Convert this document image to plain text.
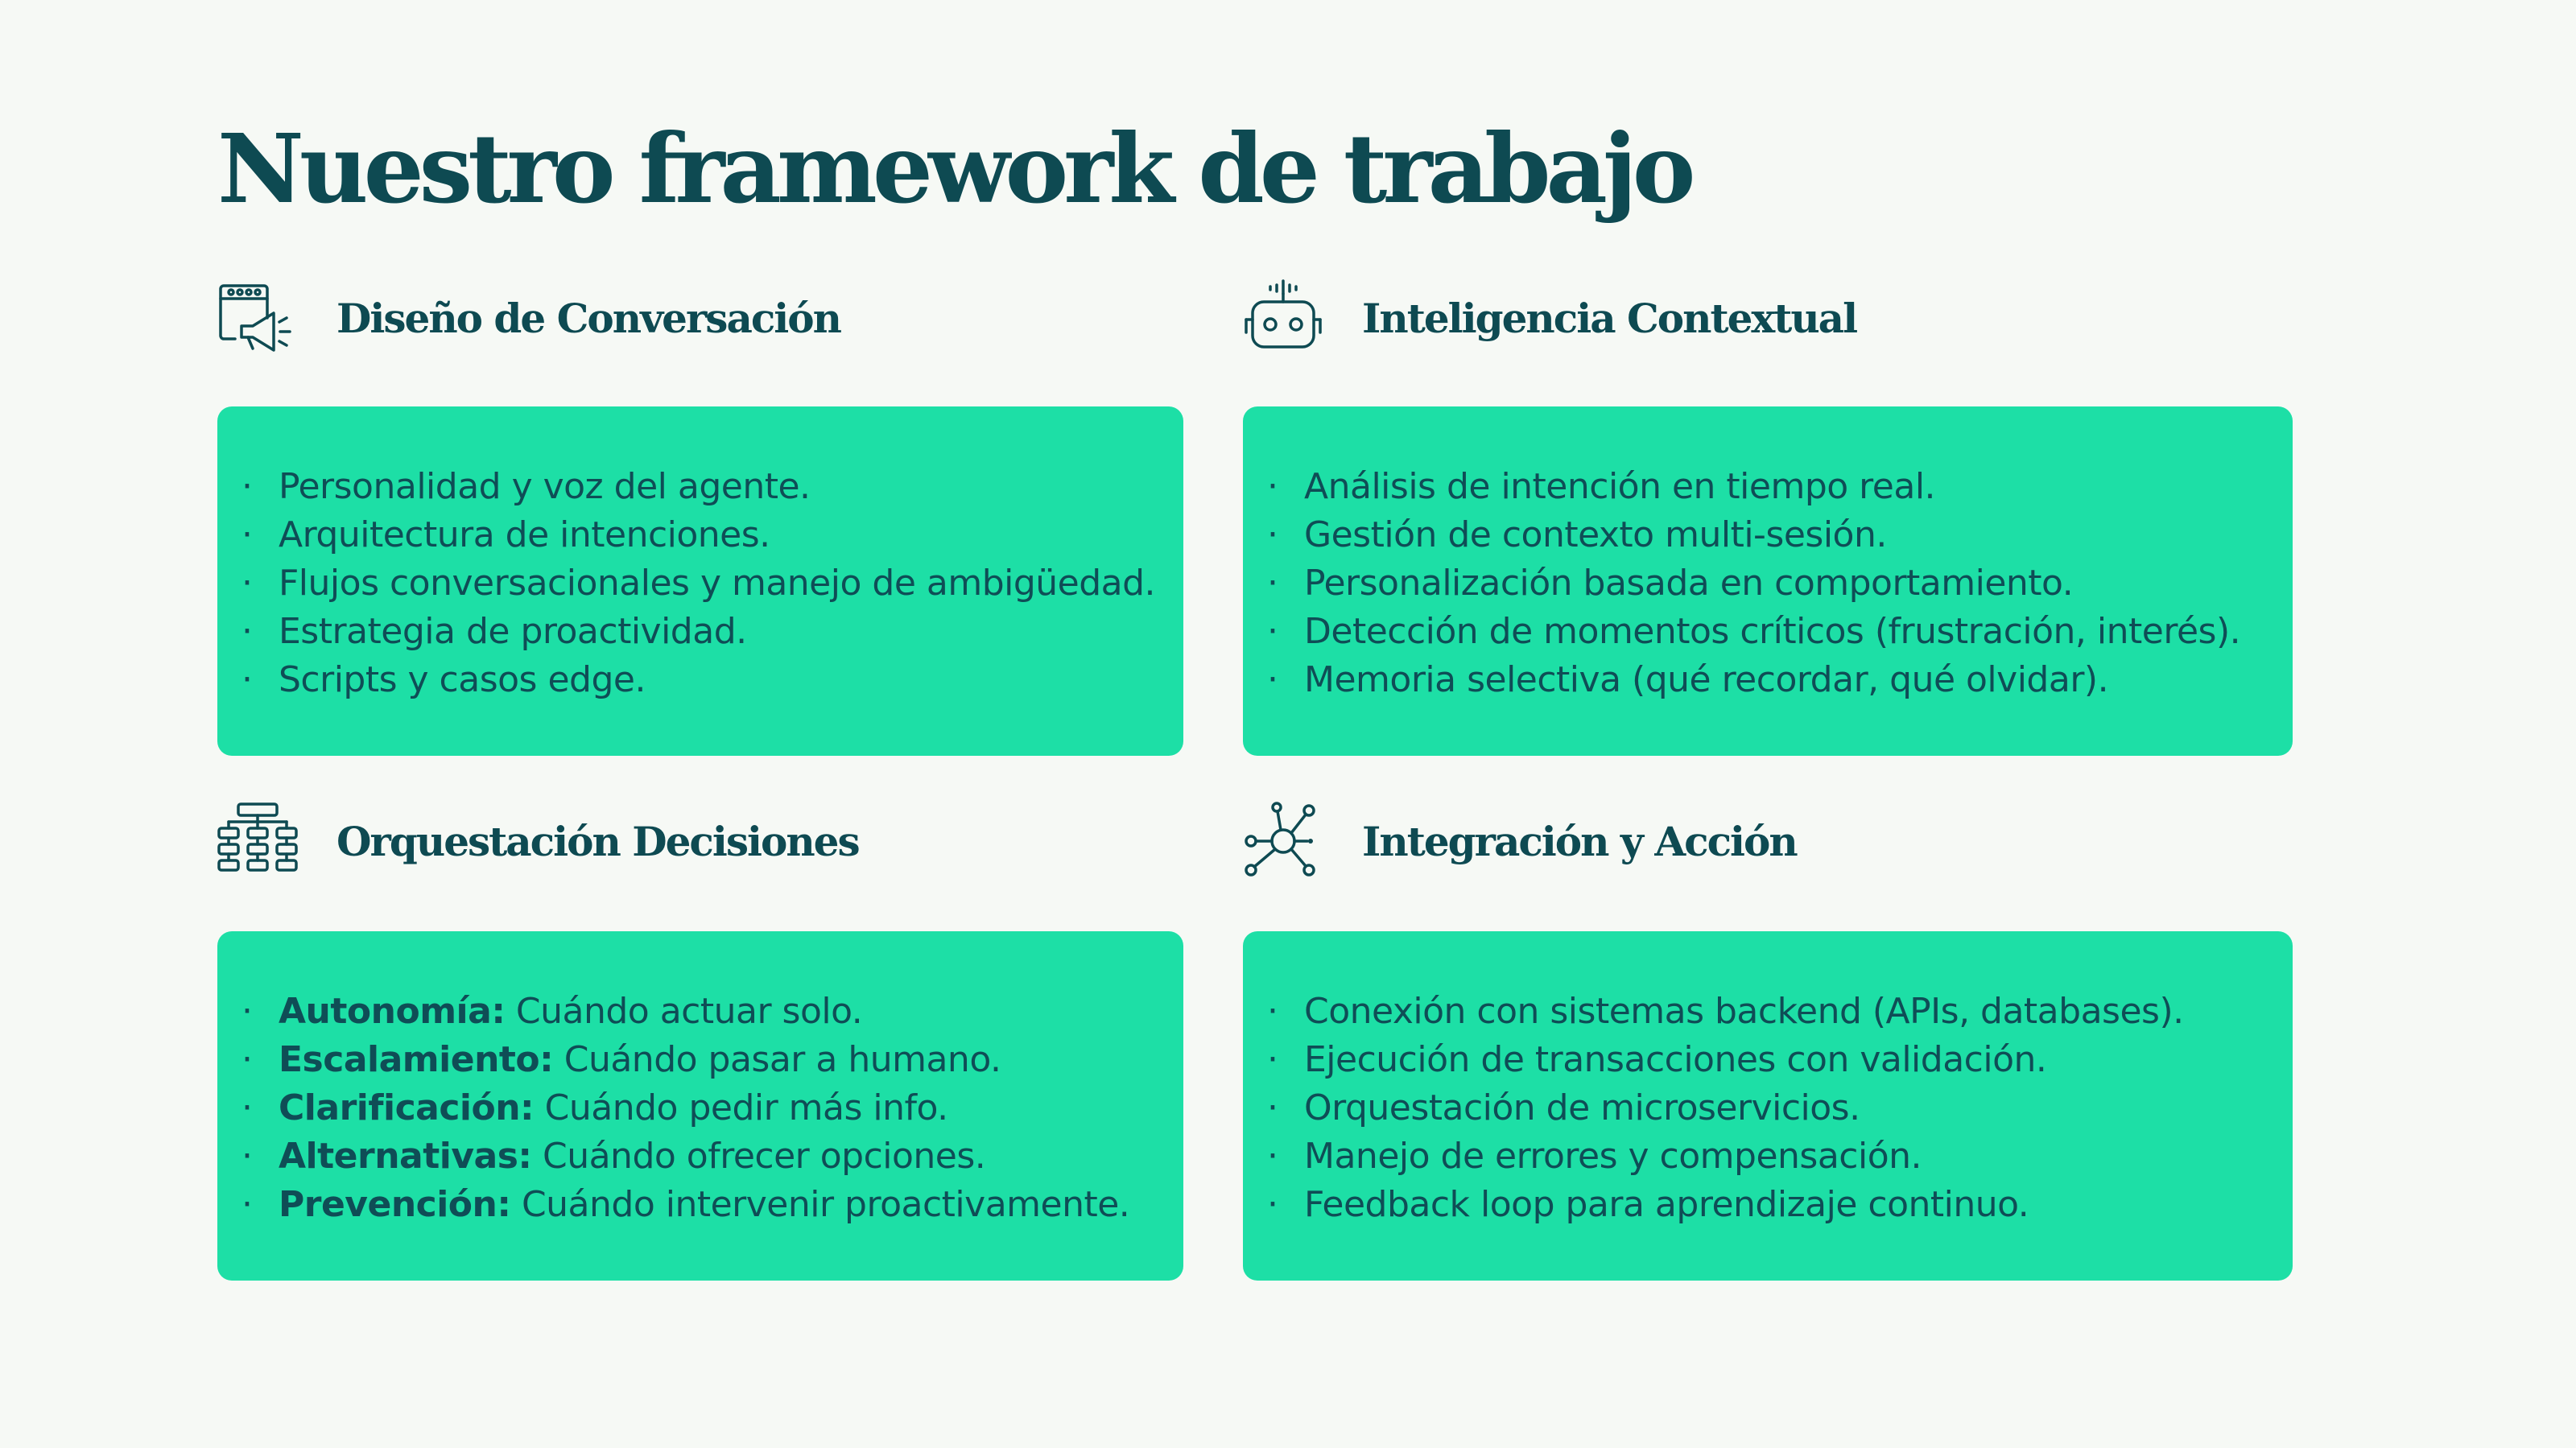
Nuestro framework de trabajo
Diseño de Conversación
· Personalidad y voz del agente.
· Arquitectura de intenciones.
· Flujos conversacionales y manejo de ambigüedad.
· Estrategia de proactividad.
· Scripts y casos edge.
Inteligencia Contextual
· Análisis de intención en tiempo real.
· Gestión de contexto multi-sesión.
· Personalización basada en comportamiento.
· Detección de momentos críticos (frustración, interés).
· Memoria selectiva (qué recordar, qué olvidar).
Orquestación Decisiones
· Autonomía: Cuándo actuar solo.
· Escalamiento: Cuándo pasar a humano.
· Clarificación: Cuándo pedir más info.
· Alternativas: Cuándo ofrecer opciones.
· Prevención: Cuándo intervenir proactivamente.
Integración y Acción
· Conexión con sistemas backend (APIs, databases).
· Ejecución de transacciones con validación.
· Orquestación de microservicios.
· Manejo de errores y compensación.
· Feedback loop para aprendizaje continuo.
